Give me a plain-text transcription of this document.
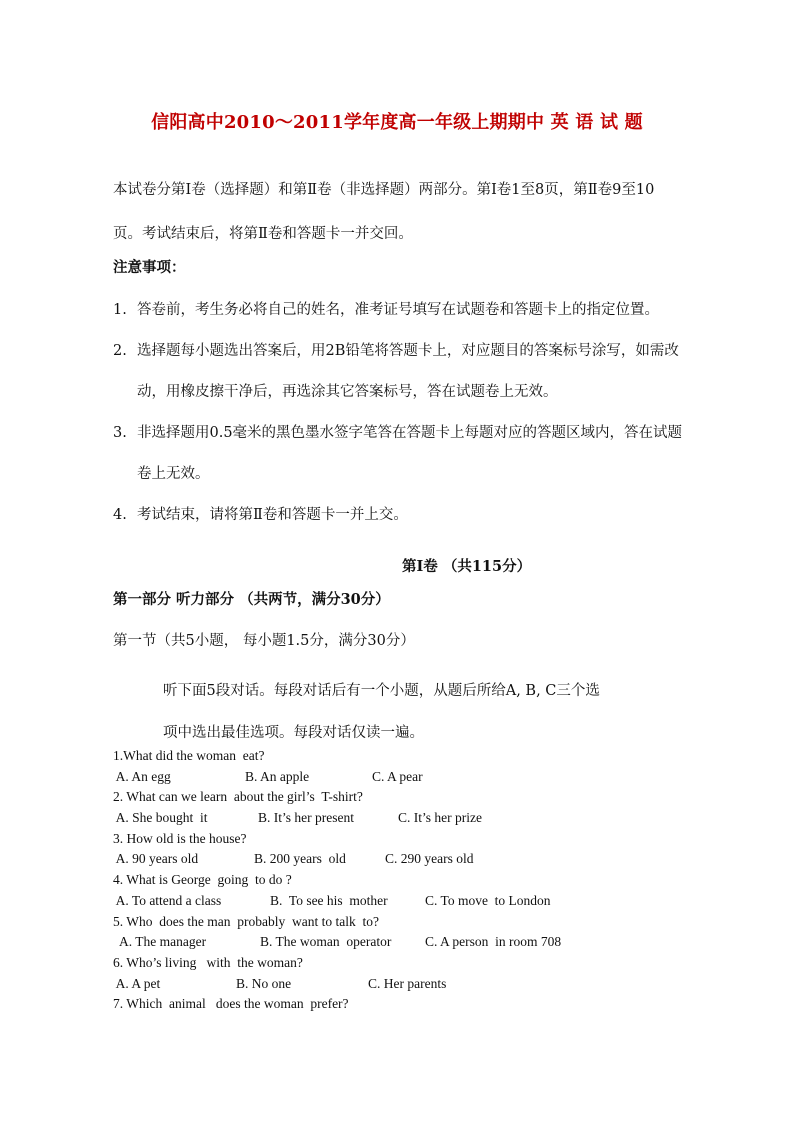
信阳高中2010～2011学年度高一年级上期期中 英 语 试 题

本试卷分第Ⅰ卷（选择题）和第Ⅱ卷（非选择题）两部分。第Ⅰ卷1至8页，第Ⅱ卷9至10页。考试结束后，将第Ⅱ卷和答题卡一并交回。

注意事项：
1. 答卷前，考生务必将自己的姓名，准考证号填写在试题卷和答题卡上的指定位置。
2. 选择题每小题选出答案后，用2B铅笔将答题卡上，对应题目的答案标号涂写，如需改动，用橡皮擦干净后，再选涂其它答案标号，答在试题卷上无效。
3. 非选择题用0.5毫米的黑色墨水签字笔答在答题卡上每题对应的答题区域内，答在试题卷上无效。
4. 考试结束，请将第Ⅱ卷和答题卡一并上交。
第Ⅰ卷 （共115分）
第一部分 听力部分 （共两节，满分30分）
第一节（共5小题， 每小题1.5分，满分30分）

听下面5段对话。每段对话后有一个小题，从题后所给A, B, C三个选项中选出最佳选项。每段对话仅读一遍。

1.What did the woman  eat?
A. An egg	B. An apple	C. A pear
2. What can we learn  about the girl’s  T-shirt?
A. She bought  it	B. It’s her present	C. It’s her prize
3. How old is the house?
A. 90 years old	B. 200 years  old	C. 290 years old
4. What is George  going  to do ?
A. To attend a class	B.  To see his  mother	C. To move  to London
5. Who  does the man  probably  want to talk  to?
A. The manager	B. The woman  operator C. A person  in room 708
6. Who’s living   with  the woman?
A. A pet	B. No one	C. Her parents
7. Which  animal   does the woman  prefer?
